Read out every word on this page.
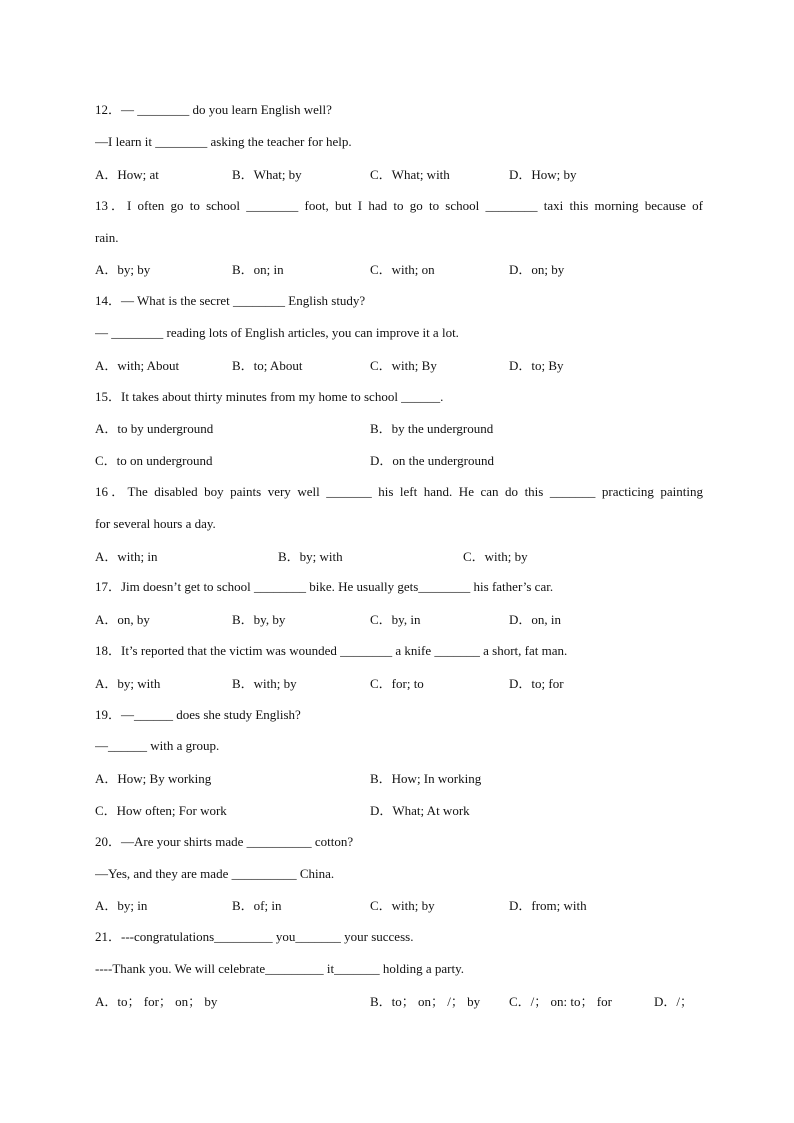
12．— ________ do you learn English well?
—I learn it ________ asking the teacher for help.
A．How; at	B．What; by	C．What; with	D．How; by
13．I often go to school ________ foot, but I had to go to school ________ taxi this morning because of
rain.
A．by; by	B．on; in	C．with; on	D．on; by
14．— What is the secret ________ English study?
— ________ reading lots of English articles, you can improve it a lot.
A．with; About	B．to; About	C．with; By	D．to; By
15．It takes about thirty minutes from my home to school ______.
A．to by underground	B．by the underground
C．to on underground	D．on the underground
16．The disabled boy paints very well _______ his left hand. He can do this _______ practicing painting
for several hours a day.
A．with; in	B．by; with	C．with; by
17．Jim doesn’t get to school ________ bike. He usually gets________ his father’s car.
A．on, by	B．by, by	C．by, in	D．on, in
18．It’s reported that the victim was wounded ________ a knife _______ a short, fat man.
A．by; with	B．with; by	C．for; to	D．to; for
19．—______ does she study English?
—______ with a group.
A．How; By working	B．How; In working
C．How often; For work	D．What; At work
20．—Are your shirts made __________ cotton?
—Yes, and they are made __________ China.
A．by; in	B．of; in	C．with; by	D．from; with
21．---congratulations_________ you_______ your success.
----Thank you. We will celebrate_________ it_______ holding a party.
A．to； for； on； by	B．to； on； /； by C．/； on: to； for	D．/；
